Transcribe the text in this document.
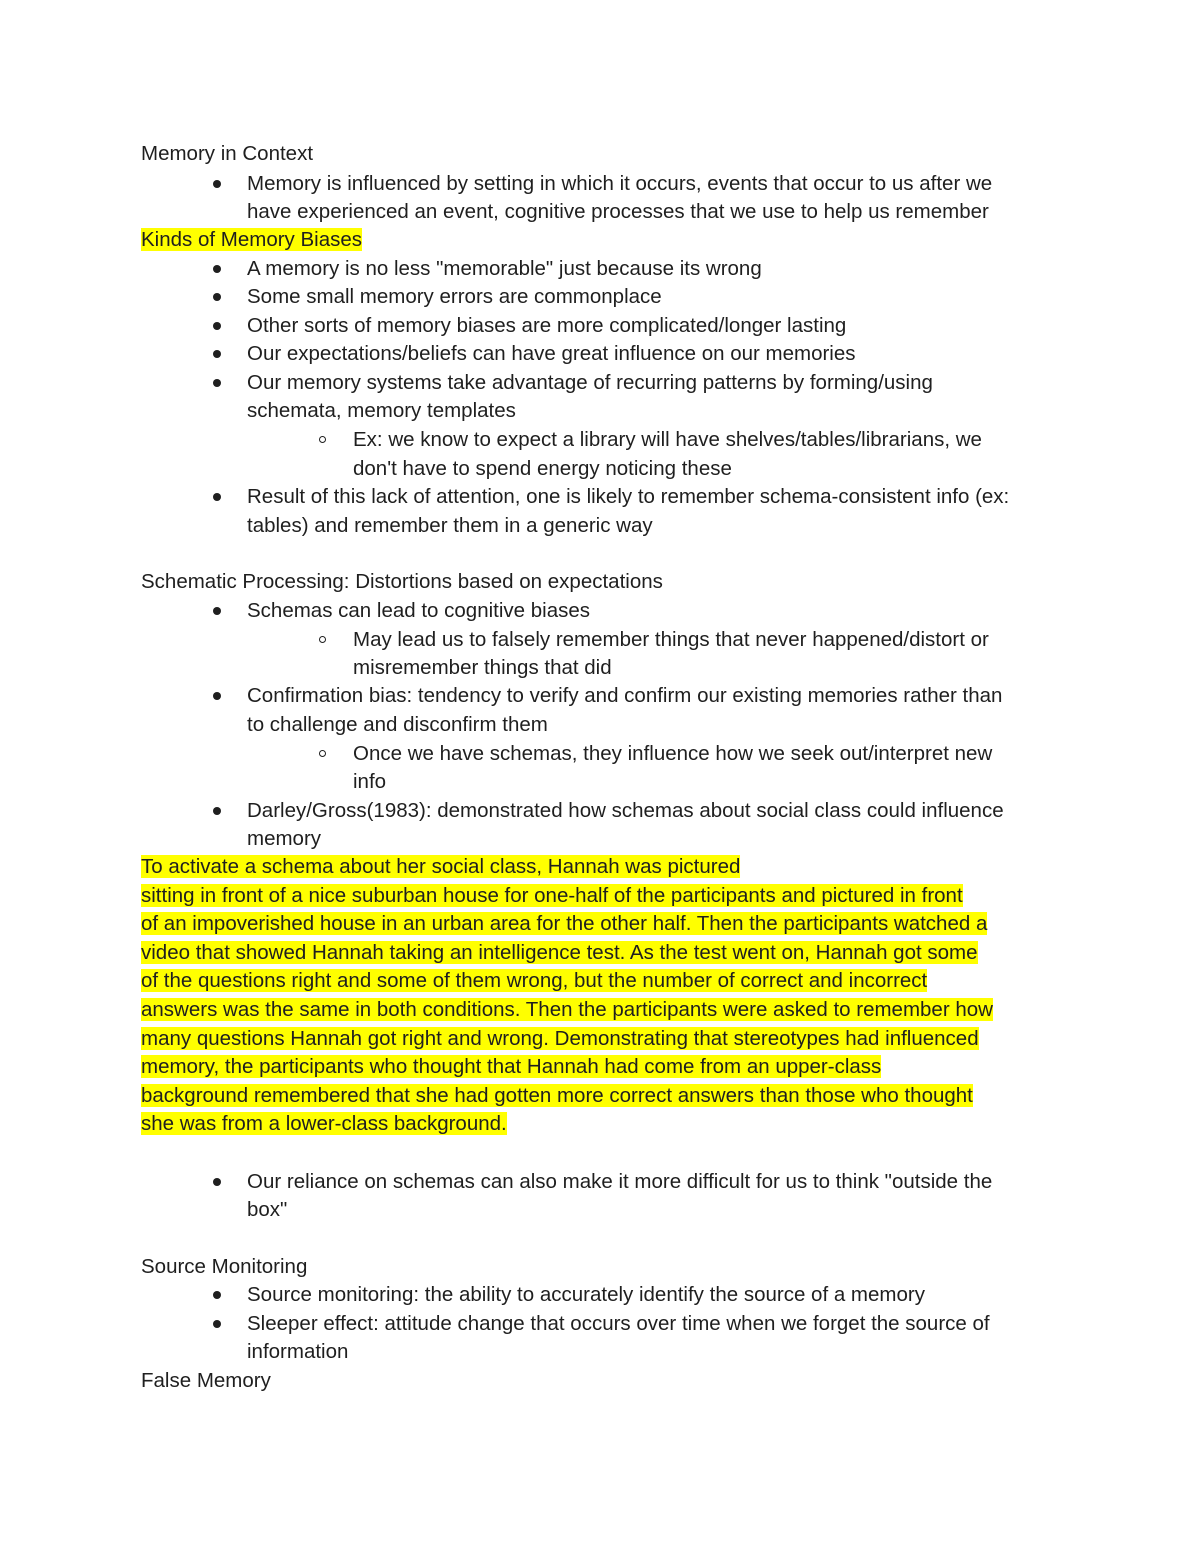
Memory in Context
Memory is influenced by setting in which it occurs, events that occur to us after we
have experienced an event, cognitive processes that we use to help us remember
Kinds of Memory Biases
A memory is no less "memorable" just because its wrong
Some small memory errors are commonplace
Other sorts of memory biases are more complicated/longer lasting
Our expectations/beliefs can have great influence on our memories
Our memory systems take advantage of recurring patterns by forming/using
schemata, memory templates
Ex: we know to expect a library will have shelves/tables/librarians, we
don't have to spend energy noticing these
Result of this lack of attention, one is likely to remember schema-consistent info (ex:
tables) and remember them in a generic way
Schematic Processing: Distortions based on expectations
Schemas can lead to cognitive biases
May lead us to falsely remember things that never happened/distort or
misremember things that did
Confirmation bias: tendency to verify and confirm our existing memories rather than
to challenge and disconfirm them
Once we have schemas, they influence how we seek out/interpret new
info
Darley/Gross(1983): demonstrated how schemas about social class could influence
memory
To activate a schema about her social class, Hannah was pictured
sitting in front of a nice suburban house for one-half of the participants and pictured in front
of an impoverished house in an urban area for the other half. Then the participants watched a
video that showed Hannah taking an intelligence test. As the test went on, Hannah got some
of the questions right and some of them wrong, but the number of correct and incorrect
answers was the same in both conditions. Then the participants were asked to remember how
many questions Hannah got right and wrong. Demonstrating that stereotypes had influenced
memory, the participants who thought that Hannah had come from an upper-class
background remembered that she had gotten more correct answers than those who thought
she was from a lower-class background.
Our reliance on schemas can also make it more difficult for us to think "outside the
box"
Source Monitoring
Source monitoring: the ability to accurately identify the source of a memory
Sleeper effect: attitude change that occurs over time when we forget the source of
information
False Memory
